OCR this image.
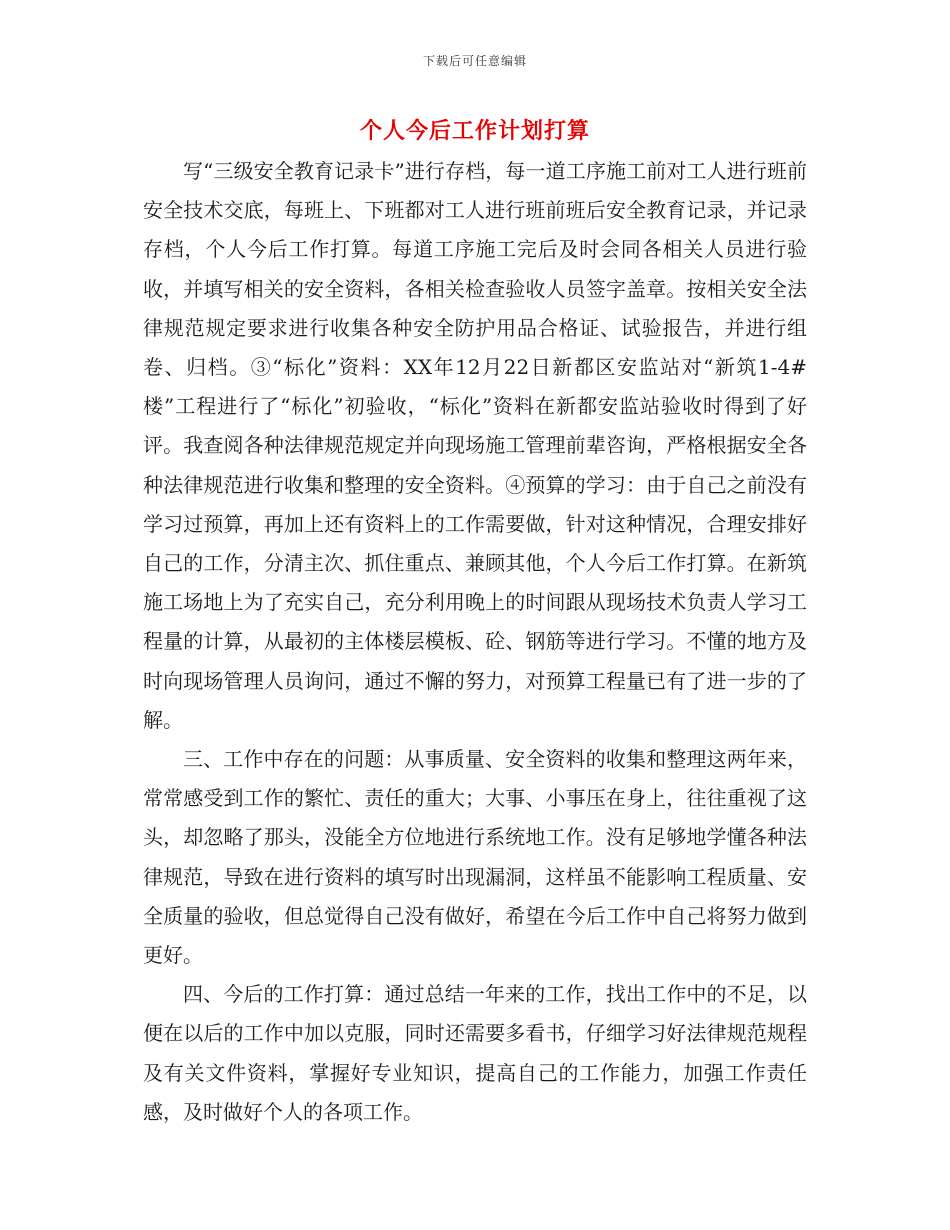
下载后可任意编辑
个人今后工作计划打算

写“三级安全教育记录卡”进行存档，每一道工序施工前对工人进行班前安全技术交底，每班上、下班都对工人进行班前班后安全教育记录，并记录存档，个人今后工作打算。每道工序施工完后及时会同各相关人员进行验收，并填写相关的安全资料，各相关检查验收人员签字盖章。按相关安全法律规范规定要求进行收集各种安全防护用品合格证、试验报告，并进行组卷、归档。③“标化”资料：XX年12月22日新都区安监站对“新筑1-4#楼”工程进行了“标化”初验收，“标化”资料在新都安监站验收时得到了好评。我查阅各种法律规范规定并向现场施工管理前辈咨询，严格根据安全各种法律规范进行收集和整理的安全资料。④预算的学习：由于自己之前没有学习过预算，再加上还有资料上的工作需要做，针对这种情况，合理安排好自己的工作，分清主次、抓住重点、兼顾其他，个人今后工作打算。在新筑施工场地上为了充实自己，充分利用晚上的时间跟从现场技术负责人学习工程量的计算，从最初的主体楼层模板、砼、钢筋等进行学习。不懂的地方及时向现场管理人员询问，通过不懈的努力，对预算工程量已有了进一步的了解。

三、工作中存在的问题：从事质量、安全资料的收集和整理这两年来，常常感受到工作的繁忙、责任的重大；大事、小事压在身上，往往重视了这头，却忽略了那头，没能全方位地进行系统地工作。没有足够地学懂各种法律规范，导致在进行资料的填写时出现漏洞，这样虽不能影响工程质量、安全质量的验收，但总觉得自己没有做好，希望在今后工作中自己将努力做到更好。

四、今后的工作打算：通过总结一年来的工作，找出工作中的不足，以便在以后的工作中加以克服，同时还需要多看书，仔细学习好法律规范规程及有关文件资料，掌握好专业知识，提高自己的工作能力，加强工作责任感，及时做好个人的各项工作。
